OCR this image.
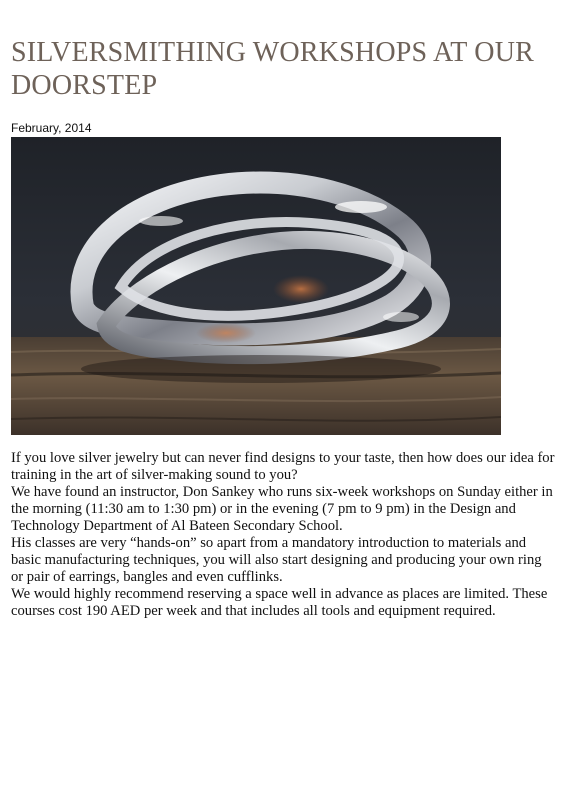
SILVERSMITHING WORKSHOPS AT OUR DOORSTEP
February, 2014

If you love silver jewelry but can never find designs to your taste, then how does our idea for training in the art of silver-making sound to you?

We have found an instructor, Don Sankey who runs six-week workshops on Sunday either in the morning (11:30 am to 1:30 pm) or in the evening (7 pm to 9 pm) in the Design and Technology Department of Al Bateen Secondary School.

His classes are very “hands-on” so apart from a mandatory introduction to materials and basic manufacturing techniques, you will also start designing and producing your own ring or pair of earrings, bangles and even cufflinks.

We would highly recommend reserving a space well in advance as places are limited. These courses cost 190 AED per week and that includes all tools and equipment required.
